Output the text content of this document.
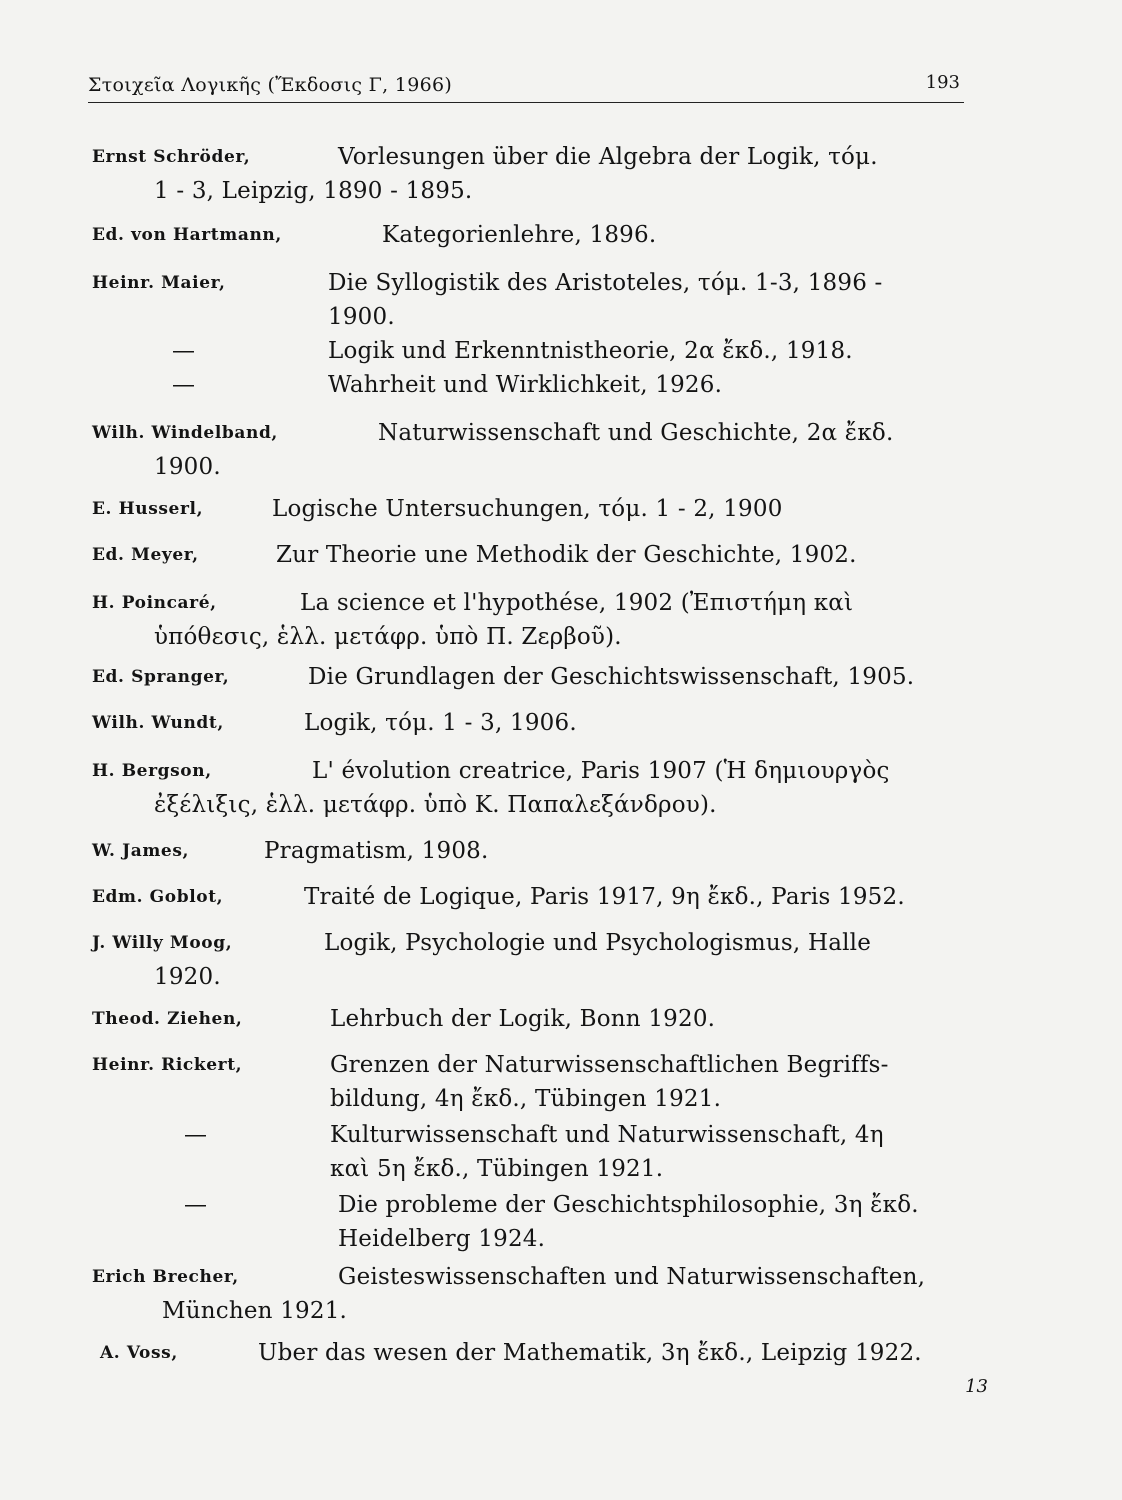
Στοιχεῖα Λογικῆς (Ἔκδοσις Γ, 1966)	193
Ernst Schröder,	Vorlesungen über die Algebra der Logik, τόμ.
1 - 3, Leipzig, 1890 - 1895.
Ed. von Hartmann,	Kategorienlehre, 1896.
Heinr. Maier,	Die Syllogistik des Aristoteles, τόμ. 1-3, 1896 -
1900.
—	Logik und Erkenntnistheorie, 2α ἔκδ., 1918.
—	Wahrheit und Wirklichkeit, 1926.
Wilh. Windelband,	Naturwissenschaft und Geschichte, 2α ἔκδ.
1900.
E. Husserl,	Logische Untersuchungen, τόμ. 1 - 2, 1900
Ed. Meyer,	Zur Theorie une Methodik der Geschichte, 1902.
H. Poincaré,	La science et l'hypothése, 1902 (Ἐπιστήμη καὶ
ὑπόθεσις, ἑλλ. μετάφρ. ὑπὸ Π. Ζερβοῦ).
Ed. Spranger,	Die Grundlagen der Geschichtswissenschaft, 1905.
Wilh. Wundt,	Logik, τόμ. 1 - 3, 1906.
H. Bergson,	L' évolution creatrice, Paris 1907 (Ἡ δημιουργὸς
ἐξέλιξις, ἑλλ. μετάφρ. ὑπὸ Κ. Παπαλεξάνδρου).
W. James,	Pragmatism, 1908.
Edm. Goblot,	Traité de Logique, Paris 1917, 9η ἔκδ., Paris 1952.
J. Willy Moog,	Logik, Psychologie und Psychologismus, Halle
1920.
Theod. Ziehen,	Lehrbuch der Logik, Bonn 1920.
Heinr. Rickert,	Grenzen der Naturwissenschaftlichen Begriffs-
bildung, 4η ἔκδ., Tübingen 1921.
—	Kulturwissenschaft und Naturwissenschaft, 4η
καὶ 5η ἔκδ., Tübingen 1921.
—	Die probleme der Geschichtsphilosophie, 3η ἔκδ.
Heidelberg 1924.
Erich Brecher,	Geisteswissenschaften und Naturwissenschaften,
München 1921.
A. Voss,	Uber das wesen der Mathematik, 3η ἔκδ., Leipzig 1922.
13
